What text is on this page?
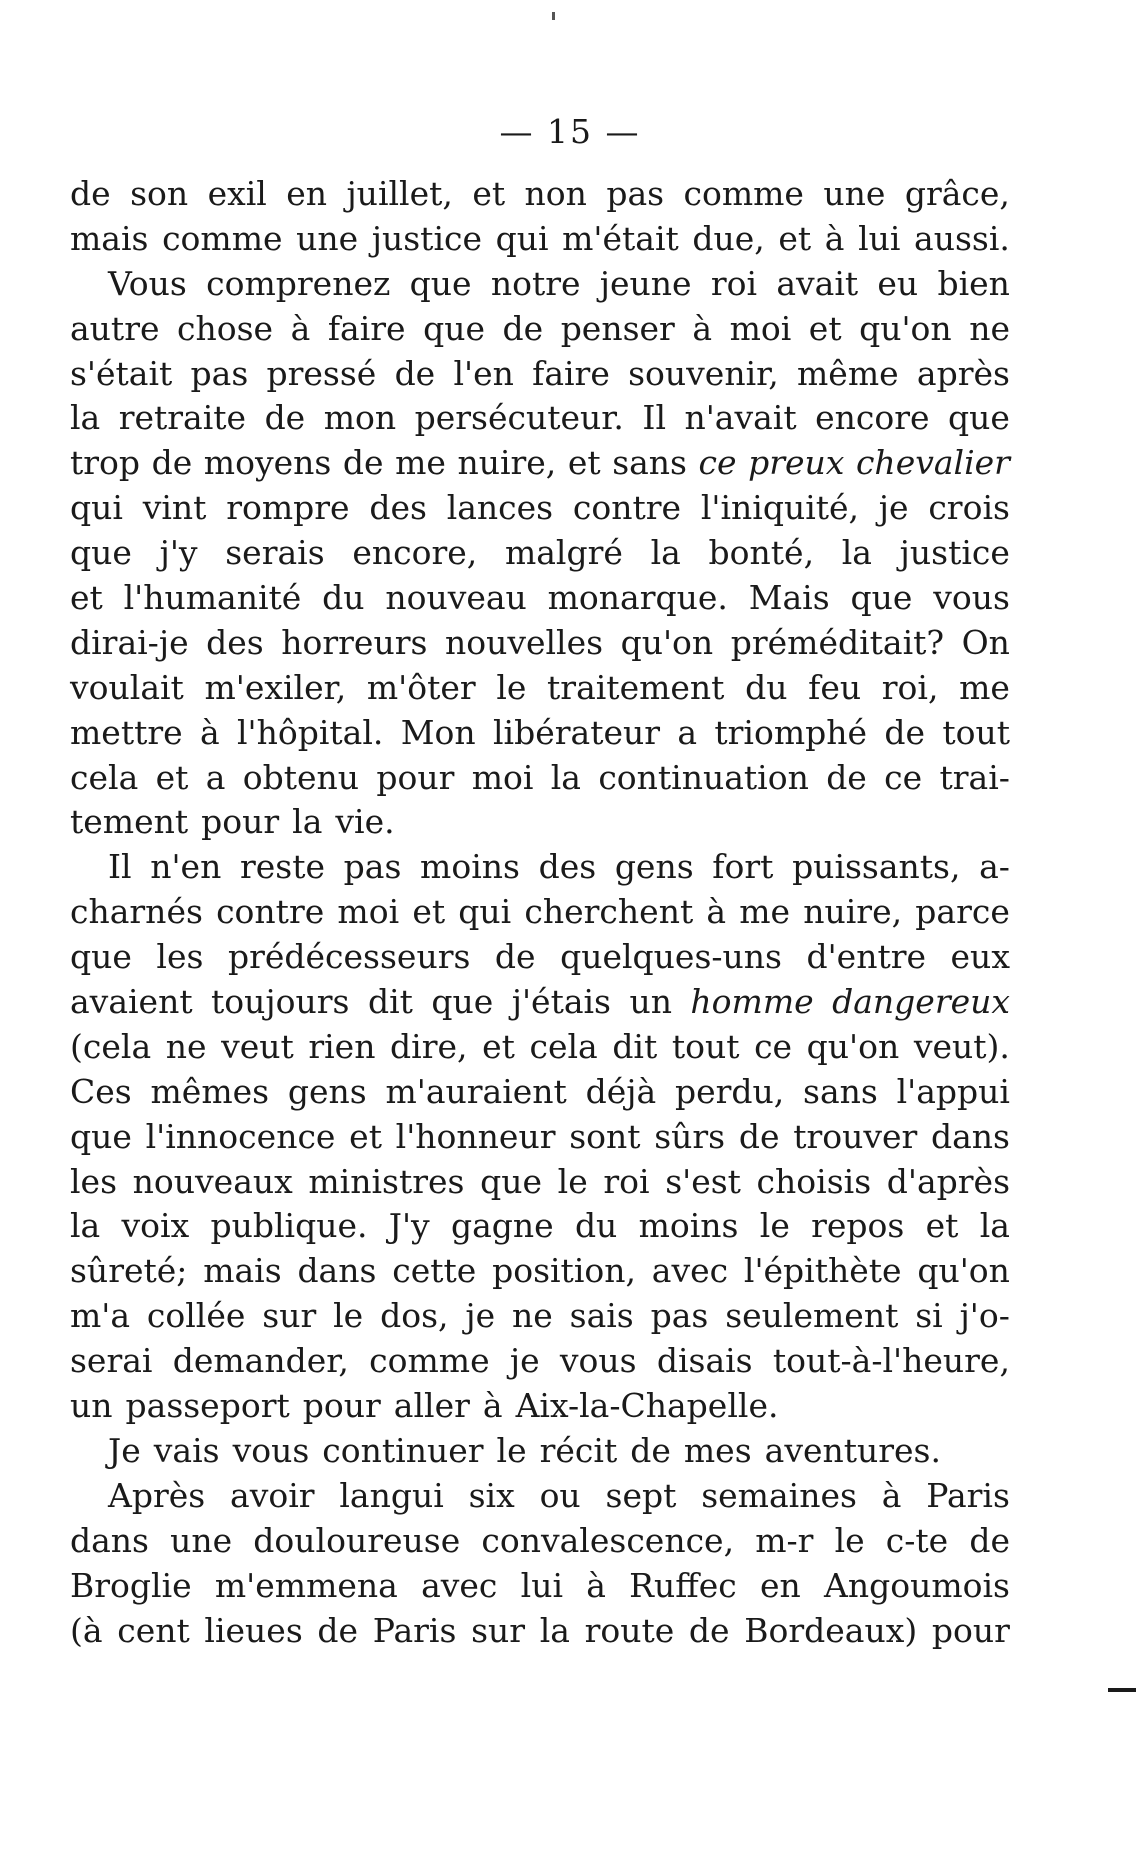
— 15 —
de son exil en juillet, et non pas comme une grâce,
mais comme une justice qui m'était due, et à lui aussi.
Vous comprenez que notre jeune roi avait eu bien
autre chose à faire que de penser à moi et qu'on ne
s'était pas pressé de l'en faire souvenir, même après
la retraite de mon persécuteur. Il n'avait encore que
trop de moyens de me nuire, et sans ce preux chevalier
qui vint rompre des lances contre l'iniquité, je crois
que j'y serais encore, malgré la bonté, la justice
et l'humanité du nouveau monarque. Mais que vous
dirai-je des horreurs nouvelles qu'on préméditait? On
voulait m'exiler, m'ôter le traitement du feu roi, me
mettre à l'hôpital. Mon libérateur a triomphé de tout
cela et a obtenu pour moi la continuation de ce trai-
tement pour la vie.
Il n'en reste pas moins des gens fort puissants, a-
charnés contre moi et qui cherchent à me nuire, parce
que les prédécesseurs de quelques-uns d'entre eux
avaient toujours dit que j'étais un homme dangereux
(cela ne veut rien dire, et cela dit tout ce qu'on veut).
Ces mêmes gens m'auraient déjà perdu, sans l'appui
que l'innocence et l'honneur sont sûrs de trouver dans
les nouveaux ministres que le roi s'est choisis d'après
la voix publique. J'y gagne du moins le repos et la
sûreté; mais dans cette position, avec l'épithète qu'on
m'a collée sur le dos, je ne sais pas seulement si j'o-
serai demander, comme je vous disais tout-à-l'heure,
un passeport pour aller à Aix-la-Chapelle.
Je vais vous continuer le récit de mes aventures.
Après avoir langui six ou sept semaines à Paris
dans une douloureuse convalescence, m-r le c-te de
Broglie m'emmena avec lui à Ruffec en Angoumois
(à cent lieues de Paris sur la route de Bordeaux) pour
